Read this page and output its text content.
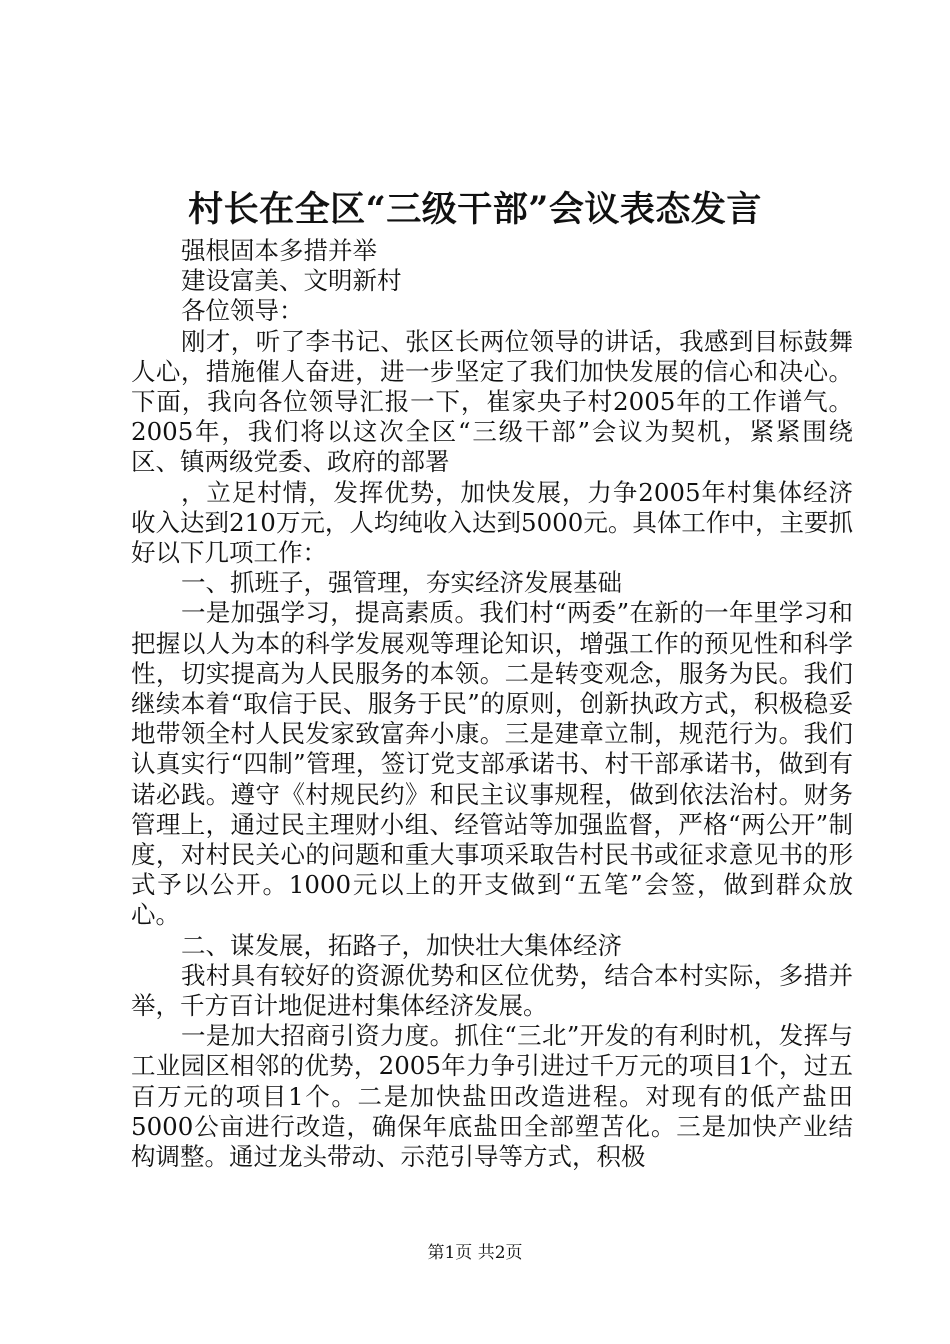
村长在全区“三级干部”会议表态发言

强根固本多措并举

建设富美、文明新村

各位领导：

刚才，听了李书记、张区长两位领导的讲话，我感到目标鼓舞人心，措施催人奋进，进一步坚定了我们加快发展的信心和决心。下面，我向各位领导汇报一下，崔家央子村2005年的工作谱气。2005年，我们将以这次全区“三级干部”会议为契机，紧紧围绕区、镇两级党委、政府的部署

，立足村情，发挥优势，加快发展，力争2005年村集体经济收入达到210万元，人均纯收入达到5000元。具体工作中，主要抓好以下几项工作：

一、抓班子，强管理，夯实经济发展基础

一是加强学习，提高素质。我们村“两委”在新的一年里学习和把握以人为本的科学发展观等理论知识，增强工作的预见性和科学性，切实提高为人民服务的本领。二是转变观念，服务为民。我们继续本着“取信于民、服务于民”的原则，创新执政方式，积极稳妥地带领全村人民发家致富奔小康。三是建章立制，规范行为。我们认真实行“四制”管理，签订党支部承诺书、村干部承诺书，做到有诺必践。遵守《村规民约》和民主议事规程，做到依法治村。财务管理上，通过民主理财小组、经管站等加强监督，严格“两公开”制度，对村民关心的问题和重大事项采取告村民书或征求意见书的形式予以公开。1000元以上的开支做到“五笔”会签，做到群众放心。

二、谋发展，拓路子，加快壮大集体经济

我村具有较好的资源优势和区位优势，结合本村实际，多措并举，千方百计地促进村集体经济发展。

一是加大招商引资力度。抓住“三北”开发的有利时机，发挥与工业园区相邻的优势，2005年力争引进过千万元的项目1个，过五百万元的项目1个。二是加快盐田改造进程。对现有的低产盐田5000公亩进行改造，确保年底盐田全部塑苫化。三是加快产业结构调整。通过龙头带动、示范引导等方式，积极

第1页 共2页
